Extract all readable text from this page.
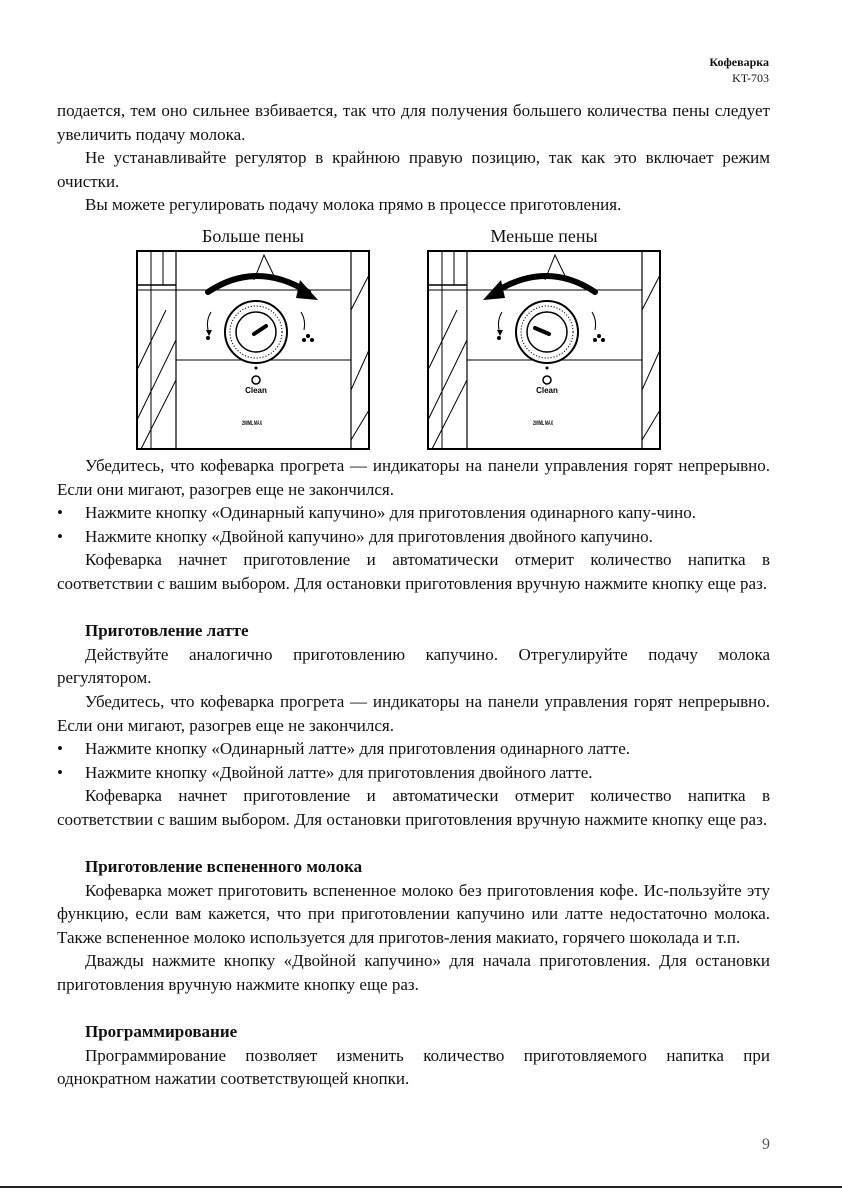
Кофеварка
KT-703

подается, тем оно сильнее взбивается, так что для получения большего количества пены следует увеличить подачу молока.

Не устанавливайте регулятор в крайнюю правую позицию, так как это включает режим очистки.

Вы можете регулировать подачу молока прямо в процессе приготовления.

Больше пены
Clean
200ML MAX
Меньше пены
Clean
200ML MAX

Убедитесь, что кофеварка прогрета — индикаторы на панели управления горят непрерывно. Если они мигают, разогрев еще не закончился.

• Нажмите кнопку «Одинарный капучино» для приготовления одинарного капу-чино.

• Нажмите кнопку «Двойной капучино» для приготовления двойного капучино.

Кофеварка начнет приготовление и автоматически отмерит количество напитка в соответствии с вашим выбором. Для остановки приготовления вручную нажмите кнопку еще раз.

Приготовление латте

Действуйте аналогично приготовлению капучино. Отрегулируйте подачу молока регулятором.

Убедитесь, что кофеварка прогрета — индикаторы на панели управления горят непрерывно. Если они мигают, разогрев еще не закончился.

• Нажмите кнопку «Одинарный латте» для приготовления одинарного латте.

• Нажмите кнопку «Двойной латте» для приготовления двойного латте.

Кофеварка начнет приготовление и автоматически отмерит количество напитка в соответствии с вашим выбором. Для остановки приготовления вручную нажмите кнопку еще раз.

Приготовление вспененного молока

Кофеварка может приготовить вспененное молоко без приготовления кофе. Ис-пользуйте эту функцию, если вам кажется, что при приготовлении капучино или латте недостаточно молока. Также вспененное молоко используется для приготов-ления макиато, горячего шоколада и т.п.

Дважды нажмите кнопку «Двойной капучино» для начала приготовления. Для остановки приготовления вручную нажмите кнопку еще раз.

Программирование

Программирование позволяет изменить количество приготовляемого напитка при однократном нажатии соответствующей кнопки.

9
